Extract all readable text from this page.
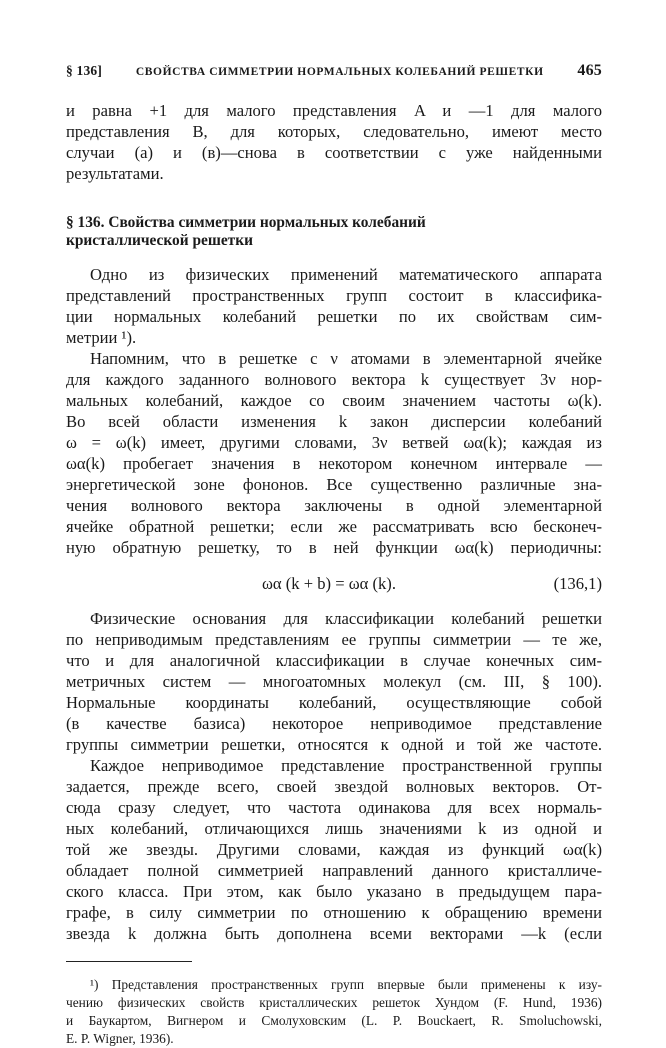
§ 136]	СВОЙСТВА СИММЕТРИИ НОРМАЛЬНЫХ КОЛЕБАНИЙ РЕШЕТКИ 465

и равна +1 для малого представления A и —1 для малого

представления B, для которых, следовательно, имеют место

случаи (а) и (в)—снова в соответствии с уже найденными

результатами.

§ 136. Свойства симметрии нормальных колебаний
кристаллической решетки

Одно из физических применений математического аппарата

представлений пространственных групп состоит в классифика-

ции нормальных колебаний решетки по их свойствам сим-

метрии ¹).

Напомним, что в решетке с ν атомами в элементарной ячейке

для каждого заданного волнового вектора k существует 3ν нор-

мальных колебаний, каждое со своим значением частоты ω(k).

Во всей области изменения k закон дисперсии колебаний

ω = ω(k) имеет, другими словами, 3ν ветвей ωα(k); каждая из

ωα(k) пробегает значения в некотором конечном интервале —

энергетической зоне фононов. Все существенно различные зна-

чения волнового вектора заключены в одной элементарной

ячейке обратной решетки; если же рассматривать всю бесконеч-

ную обратную решетку, то в ней функции ωα(k) периодичны:

ωα (k + b) = ωα (k).	(136,1)

Физические основания для классификации колебаний решетки

по неприводимым представлениям ее группы симметрии — те же,

что и для аналогичной классификации в случае конечных сим-

метричных систем — многоатомных молекул (см. III, § 100).

Нормальные координаты колебаний, осуществляющие собой

(в качестве базиса) некоторое неприводимое представление

группы симметрии решетки, относятся к одной и той же частоте.

Каждое неприводимое представление пространственной группы

задается, прежде всего, своей звездой волновых векторов. От-

сюда сразу следует, что частота одинакова для всех нормаль-

ных колебаний, отличающихся лишь значениями k из одной и

той же звезды. Другими словами, каждая из функций ωα(k)

обладает полной симметрией направлений данного кристалличе-

ского класса. При этом, как было указано в предыдущем пара-

графе, в силу симметрии по отношению к обращению времени

звезда k должна быть дополнена всеми векторами —k (если

¹) Представления пространственных групп впервые были применены к изу-

чению физических свойств кристаллических решеток Хундом (F. Hund, 1936)

и Бaукартом, Вигнером и Смолуховским (L. P. Bouckaert, R. Smoluchowski,

E. P. Wigner, 1936).
